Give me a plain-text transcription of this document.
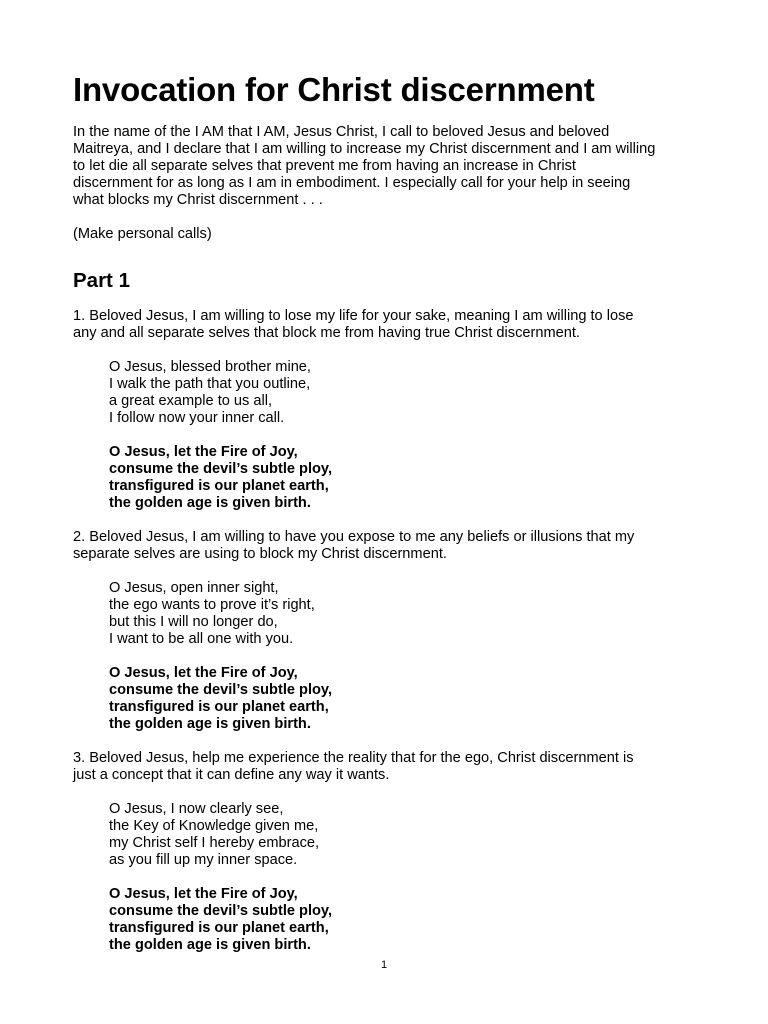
Invocation for Christ discernment
In the name of the I AM that I AM, Jesus Christ, I call to beloved Jesus and beloved
Maitreya, and I declare that I am willing to increase my Christ discernment and I am willing
to let die all separate selves that prevent me from having an increase in Christ
discernment for as long as I am in embodiment. I especially call for your help in seeing
what blocks my Christ discernment . . .
(Make personal calls)
Part 1
1. Beloved Jesus, I am willing to lose my life for your sake, meaning I am willing to lose
any and all separate selves that block me from having true Christ discernment.
O Jesus, blessed brother mine,
I walk the path that you outline,
a great example to us all,
I follow now your inner call.
O Jesus, let the Fire of Joy,
consume the devil’s subtle ploy,
transfigured is our planet earth,
the golden age is given birth.
2. Beloved Jesus, I am willing to have you expose to me any beliefs or illusions that my
separate selves are using to block my Christ discernment.
O Jesus, open inner sight,
the ego wants to prove it’s right,
but this I will no longer do,
I want to be all one with you.
O Jesus, let the Fire of Joy,
consume the devil’s subtle ploy,
transfigured is our planet earth,
the golden age is given birth.
3. Beloved Jesus, help me experience the reality that for the ego, Christ discernment is
just a concept that it can define any way it wants.
O Jesus, I now clearly see,
the Key of Knowledge given me,
my Christ self I hereby embrace,
as you fill up my inner space.
O Jesus, let the Fire of Joy,
consume the devil’s subtle ploy,
transfigured is our planet earth,
the golden age is given birth.
1
